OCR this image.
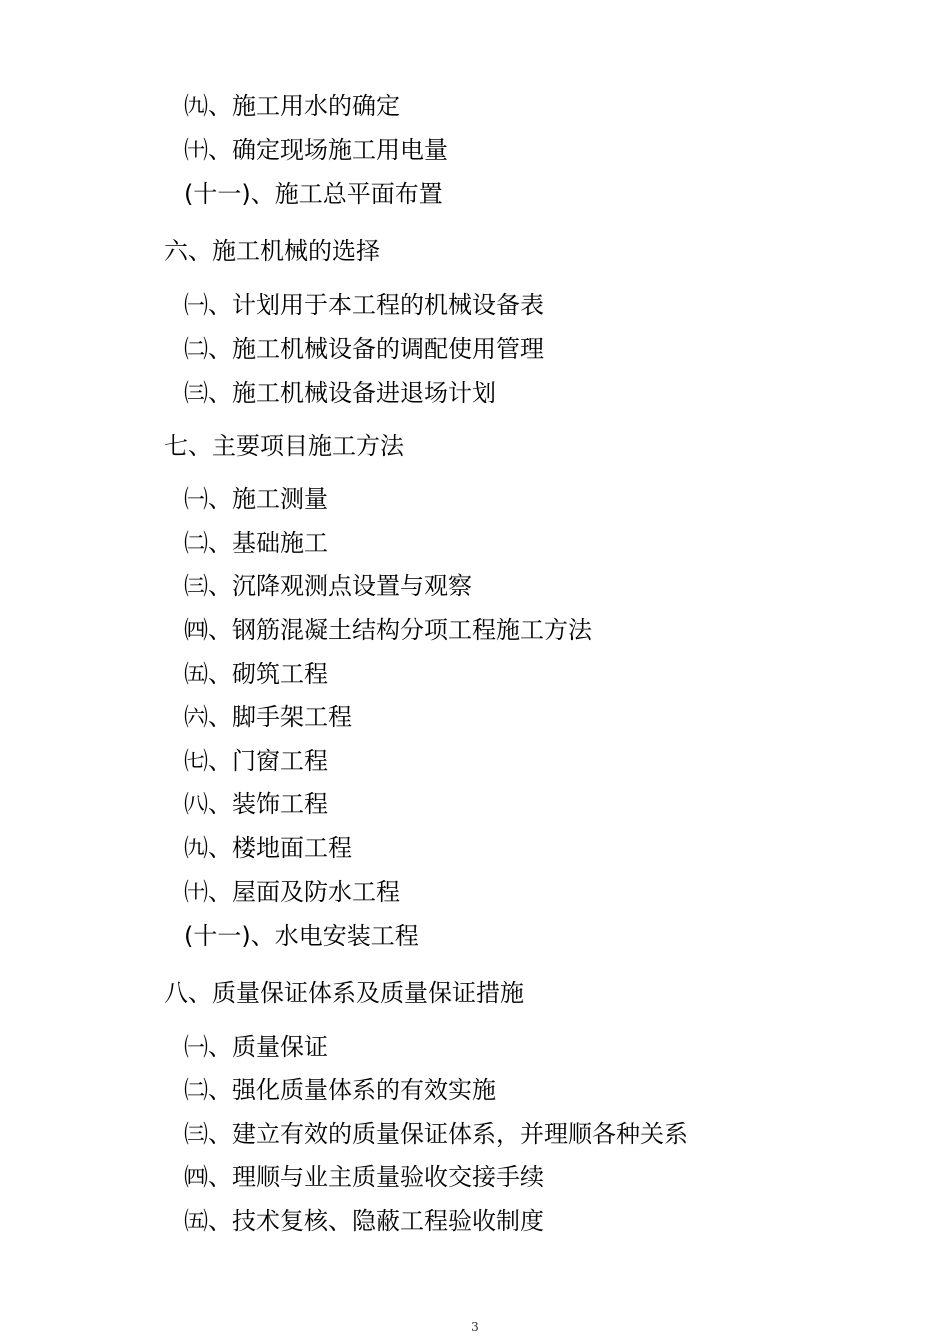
㈨、施工用水的确定
㈩、确定现场施工用电量
(十一)、施工总平面布置
六、施工机械的选择
㈠、计划用于本工程的机械设备表
㈡、施工机械设备的调配使用管理
㈢、施工机械设备进退场计划
七、主要项目施工方法
㈠、施工测量
㈡、基础施工
㈢、沉降观测点设置与观察
㈣、钢筋混凝土结构分项工程施工方法
㈤、砌筑工程
㈥、脚手架工程
㈦、门窗工程
㈧、装饰工程
㈨、楼地面工程
㈩、屋面及防水工程
(十一)、水电安装工程
八、质量保证体系及质量保证措施
㈠、质量保证
㈡、强化质量体系的有效实施
㈢、建立有效的质量保证体系，并理顺各种关系
㈣、理顺与业主质量验收交接手续
㈤、技术复核、隐蔽工程验收制度
3
